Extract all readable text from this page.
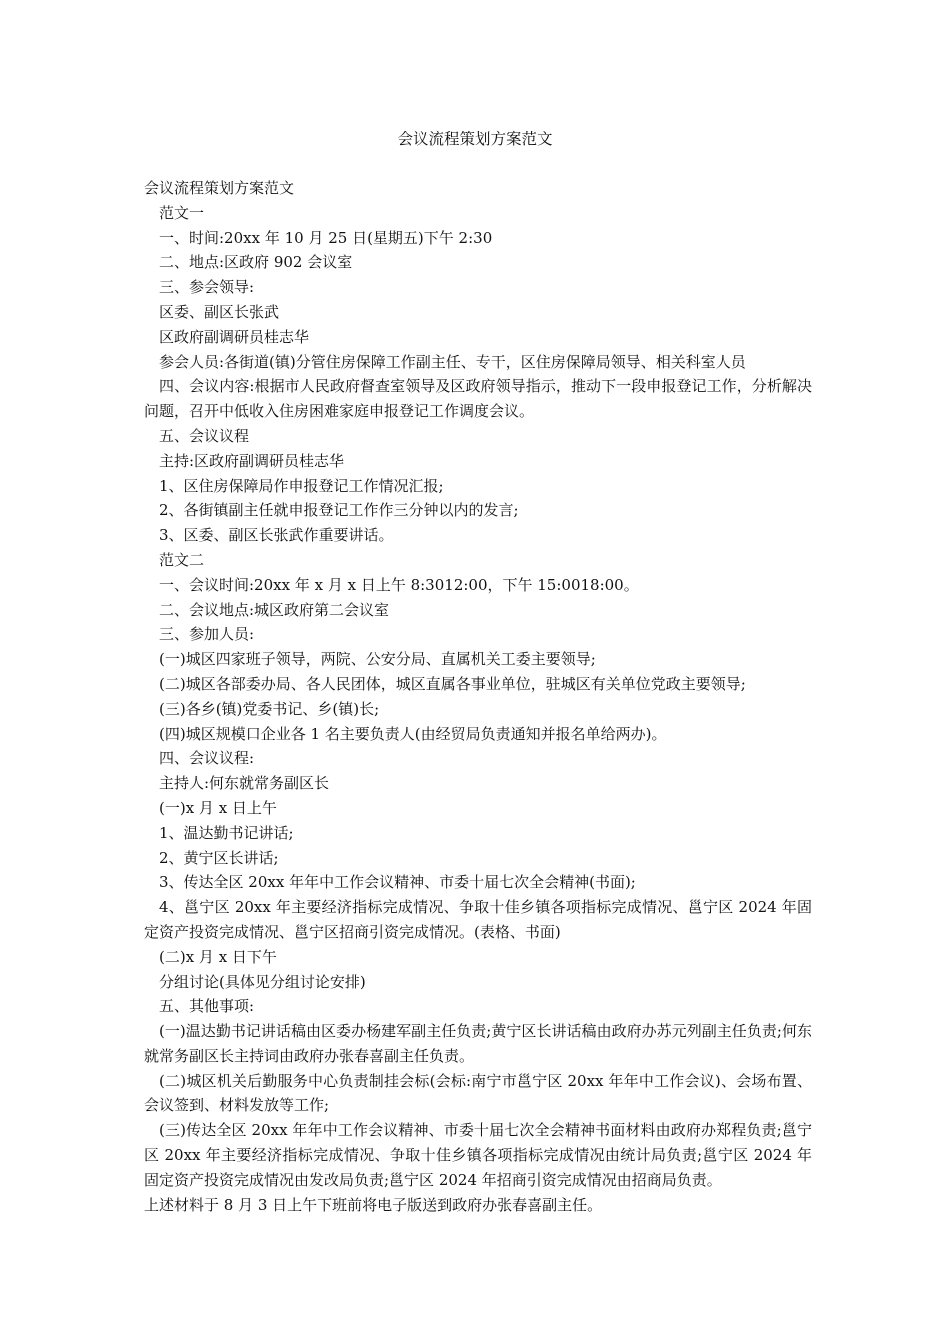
会议流程策划方案范文

会议流程策划方案范文

范文一

一、时间:20xx 年 10 月 25 日(星期五)下午 2:30

二、地点:区政府 902 会议室

三、参会领导:

区委、副区长张武

区政府副调研员桂志华

参会人员:各街道(镇)分管住房保障工作副主任、专干，区住房保障局领导、相关科室人员

四、会议内容:根据市人民政府督查室领导及区政府领导指示，推动下一段申报登记工作，分析解决问题，召开中低收入住房困难家庭申报登记工作调度会议。

五、会议议程

主持:区政府副调研员桂志华

1、区住房保障局作申报登记工作情况汇报;

2、各街镇副主任就申报登记工作作三分钟以内的发言;

3、区委、副区长张武作重要讲话。

范文二

一、会议时间:20xx 年 x 月 x 日上午 8:3012:00，下午 15:0018:00。

二、会议地点:城区政府第二会议室

三、参加人员:

(一)城区四家班子领导，两院、公安分局、直属机关工委主要领导;

(二)城区各部委办局、各人民团体，城区直属各事业单位，驻城区有关单位党政主要领导;

(三)各乡(镇)党委书记、乡(镇)长;

(四)城区规模口企业各 1 名主要负责人(由经贸局负责通知并报名单给两办)。

四、会议议程:

主持人:何东就常务副区长

(一)x 月 x 日上午

1、温达勤书记讲话;

2、黄宁区长讲话;

3、传达全区 20xx 年年中工作会议精神、市委十届七次全会精神(书面);

4、邕宁区 20xx 年主要经济指标完成情况、争取十佳乡镇各项指标完成情况、邕宁区 2024 年固定资产投资完成情况、邕宁区招商引资完成情况。(表格、书面)

(二)x 月 x 日下午

分组讨论(具体见分组讨论安排)

五、其他事项:

(一)温达勤书记讲话稿由区委办杨建军副主任负责;黄宁区长讲话稿由政府办苏元列副主任负责;何东就常务副区长主持词由政府办张春喜副主任负责。

(二)城区机关后勤服务中心负责制挂会标(会标:南宁市邕宁区 20xx 年年中工作会议)、会场布置、会议签到、材料发放等工作;

(三)传达全区 20xx 年年中工作会议精神、市委十届七次全会精神书面材料由政府办郑程负责;邕宁区 20xx 年主要经济指标完成情况、争取十佳乡镇各项指标完成情况由统计局负责;邕宁区 2024 年固定资产投资完成情况由发改局负责;邕宁区 2024 年招商引资完成情况由招商局负责。

上述材料于 8 月 3 日上午下班前将电子版送到政府办张春喜副主任。
